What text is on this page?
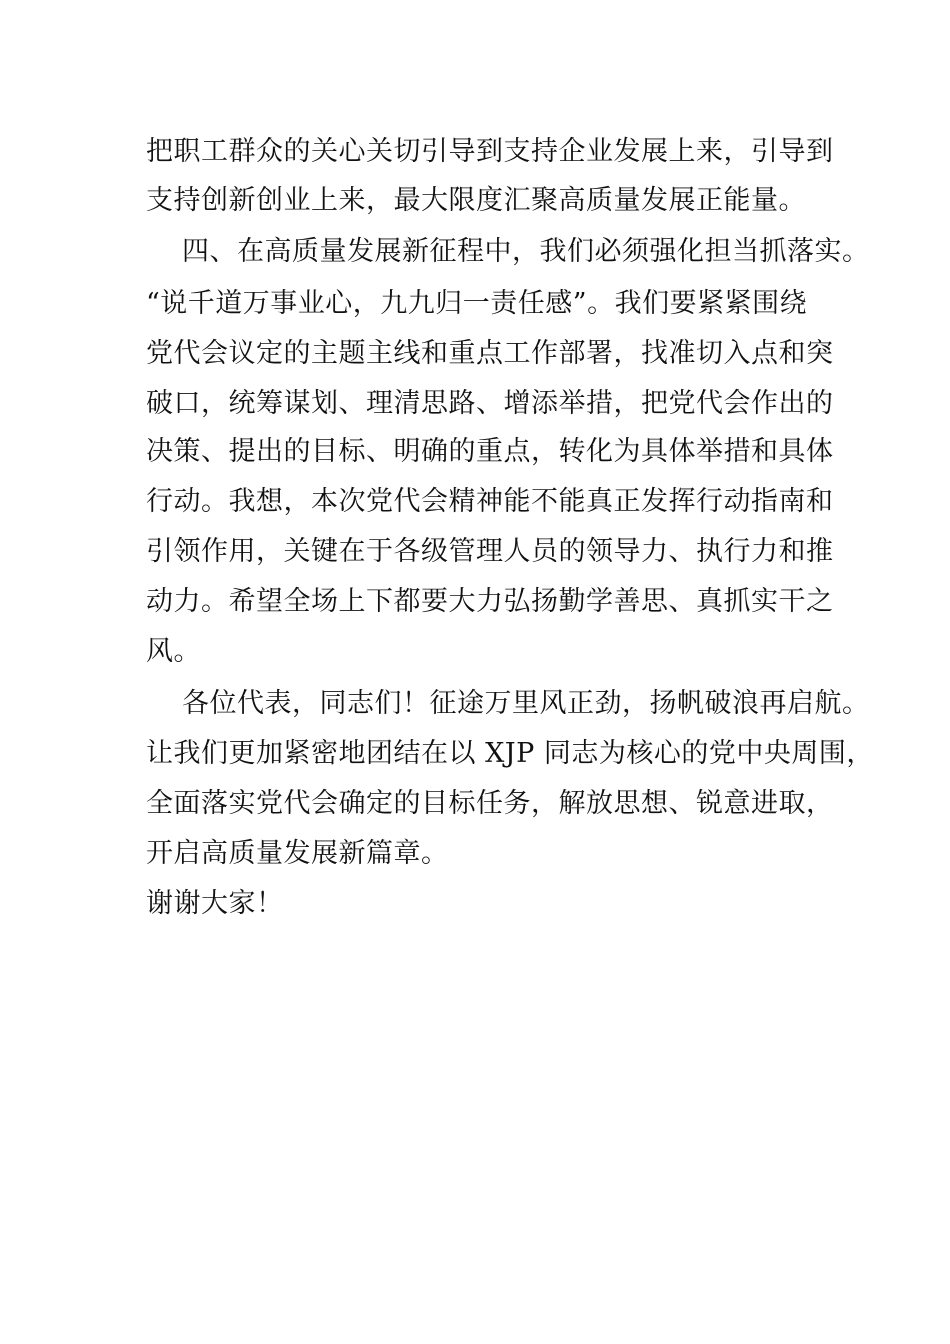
把职工群众的关心关切引导到支持企业发展上来，引导到

支持创新创业上来，最大限度汇聚高质量发展正能量。

四、在高质量发展新征程中，我们必须强化担当抓落实。

“说千道万事业心，九九归一责任感”。我们要紧紧围绕

党代会议定的主题主线和重点工作部署，找准切入点和突

破口，统筹谋划、理清思路、增添举措，把党代会作出的

决策、提出的目标、明确的重点，转化为具体举措和具体

行动。我想，本次党代会精神能不能真正发挥行动指南和

引领作用，关键在于各级管理人员的领导力、执行力和推

动力。希望全场上下都要大力弘扬勤学善思、真抓实干之

风。

各位代表，同志们！征途万里风正劲，扬帆破浪再启航。

让我们更加紧密地团结在以 XJP 同志为核心的党中央周围，

全面落实党代会确定的目标任务，解放思想、锐意进取，

开启高质量发展新篇章。

谢谢大家！
